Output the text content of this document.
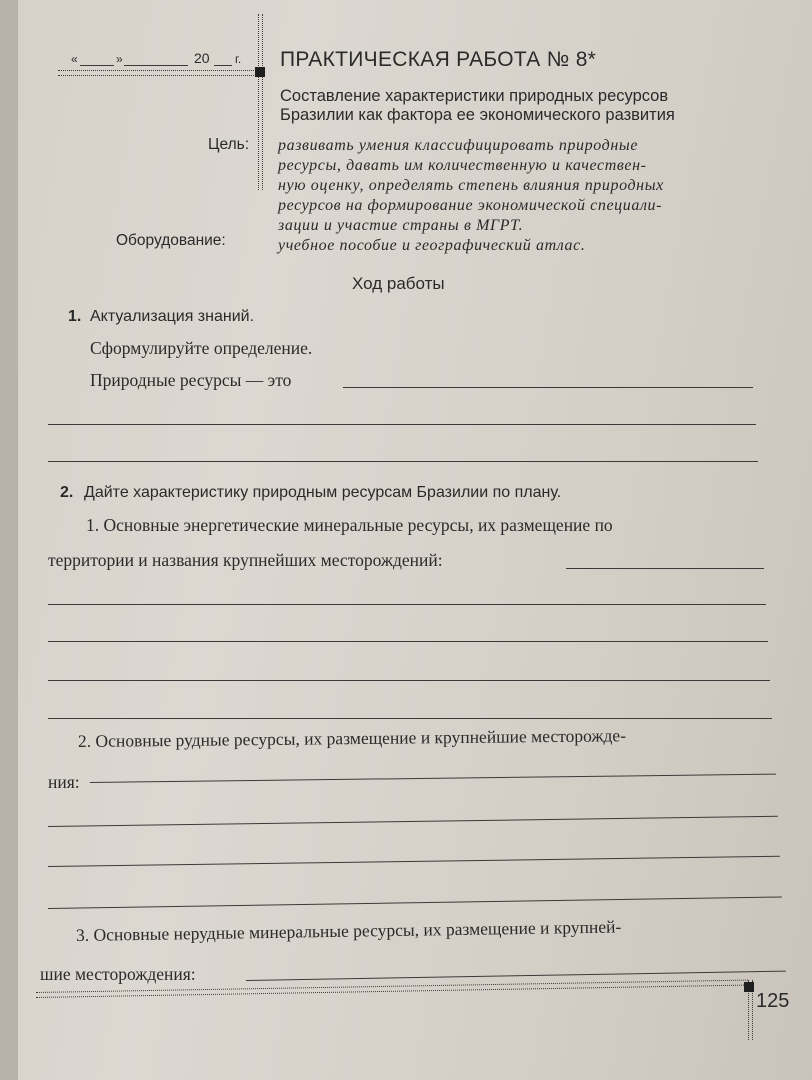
«	»	20 г. ПРАКТИЧЕСКАЯ РАБОТА № 8*
Составление характеристики природных ресурсов
Бразилии как фактора ее экономического развития
Цель: развивать умения классифицировать природные
ресурсы, давать им количественную и качествен-
ную оценку, определять степень влияния природных
ресурсов на формирование экономической специали-
зации и участие страны в МГРТ.
Оборудование:	учебное пособие и географический атлас.
Ход работы
1. Актуализация знаний.
Сформулируйте определение.
Природные ресурсы — это
2. Дайте характеристику природным ресурсам Бразилии по плану.
1. Основные энергетические минеральные ресурсы, их размещение по
территории и названия крупнейших месторождений:
2. Основные рудные ресурсы, их размещение и крупнейшие месторожде-
ния:
3. Основные нерудные минеральные ресурсы, их размещение и крупней-
шие месторождения:
125
